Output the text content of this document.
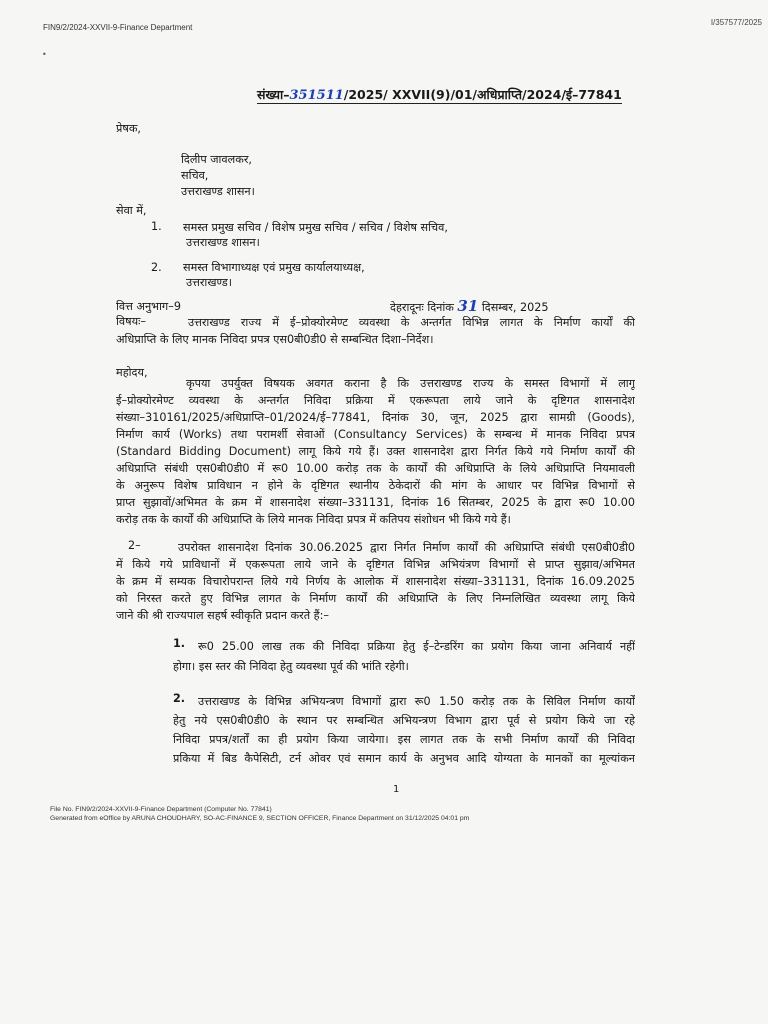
FIN9/2/2024-XXVII-9-Finance Department
I/357577/2025
•
संख्या–351511/2025/ XXVII(9)/01/अधिप्राप्ति/2024/ई–77841
प्रेषक,
दिलीप जावलकर,
सचिव,
उत्तराखण्ड शासन।
सेवा में,
1. समस्त प्रमुख सचिव / विशेष प्रमुख सचिव / सचिव / विशेष सचिव,
उत्तराखण्ड शासन।
2. समस्त विभागाध्यक्ष एवं प्रमुख कार्यालयाध्यक्ष,
उत्तराखण्ड।
वित्त अनुभाग–9	देहरादूनः दिनांक 31 दिसम्बर, 2025
विषयः–	उत्तराखण्ड राज्य में ई–प्रोक्योरमेण्ट व्यवस्था के अन्तर्गत विभिन्न लागत के निर्माण कार्यों की
अधिप्राप्ति के लिए मानक निविदा प्रपत्र एस0बी0डी0 से सम्बन्धित दिशा–निर्देश।
महोदय,
कृपया उपर्युक्त विषयक अवगत कराना है कि उत्तराखण्ड राज्य के समस्त विभागों में लागू
ई–प्रोक्योरमेण्ट व्यवस्था के अन्तर्गत निविदा प्रक्रिया में एकरूपता लाये जाने के दृष्टिगत शासनादेश
संख्या–310161/2025/अधिप्राप्ति–01/2024/ई–77841, दिनांक 30, जून, 2025 द्वारा सामग्री (Goods),
निर्माण कार्य (Works) तथा परामर्शी सेवाओं (Consultancy Services) के सम्बन्ध में मानक निविदा प्रपत्र
(Standard Bidding Document) लागू किये गये हैं। उक्त शासनादेश द्वारा निर्गत किये गये निर्माण कार्यों की
अधिप्राप्ति संबंधी एस0बी0डी0 में रू0 10.00 करोड़ तक के कार्यों की अधिप्राप्ति के लिये अधिप्राप्ति नियमावली
के अनुरूप विशेष प्राविधान न होने के दृष्टिगत स्थानीय ठेकेदारों की मांग के आधार पर विभिन्न विभागों से
प्राप्त सुझावों/अभिमत के क्रम में शासनादेश संख्या–331131, दिनांक 16 सितम्बर, 2025 के द्वारा रू0 10.00
करोड़ तक के कार्यों की अधिप्राप्ति के लिये मानक निविदा प्रपत्र में कतिपय संशोधन भी किये गये हैं।
2–	उपरोक्त शासनादेश दिनांक 30.06.2025 द्वारा निर्गत निर्माण कार्यों की अधिप्राप्ति संबंधी एस0बी0डी0
में किये गये प्राविधानों में एकरूपता लाये जाने के दृष्टिगत विभिन्न अभियंत्रण विभागों से प्राप्त सुझाव/अभिमत
के क्रम में सम्यक विचारोपरान्त लिये गये निर्णय के आलोक में शासनादेश संख्या–331131, दिनांक 16.09.2025
को निरस्त करते हुए विभिन्न लागत के निर्माण कार्यों की अधिप्राप्ति के लिए निम्नलिखित व्यवस्था लागू किये
जाने की श्री राज्यपाल सहर्ष स्वीकृति प्रदान करते हैं:–
1.	रू0 25.00 लाख तक की निविदा प्रक्रिया हेतु ई–टेन्डरिंग का प्रयोग किया जाना अनिवार्य नहीं
होगा। इस स्तर की निविदा हेतु व्यवस्था पूर्व की भांति रहेगी।
2.	उत्तराखण्ड के विभिन्न अभियन्त्रण विभागों द्वारा रू0 1.50 करोड़ तक के सिविल निर्माण कार्यों
हेतु नये एस0बी0डी0 के स्थान पर सम्बन्धित अभियन्त्रण विभाग द्वारा पूर्व से प्रयोग किये जा रहे
निविदा प्रपत्र/शर्तों का ही प्रयोग किया जायेगा। इस लागत तक के सभी निर्माण कार्यों की निविदा
प्रकिया में बिड कैपेसिटी, टर्न ओवर एवं समान कार्य के अनुभव आदि योग्यता के मानकों का मूल्यांकन
1
File No. FIN9/2/2024-XXVII-9-Finance Department (Computer No. 77841)
Generated from eOffice by ARUNA CHOUDHARY, SO-AC-FINANCE 9, SECTION OFFICER, Finance Department on 31/12/2025 04:01 pm
